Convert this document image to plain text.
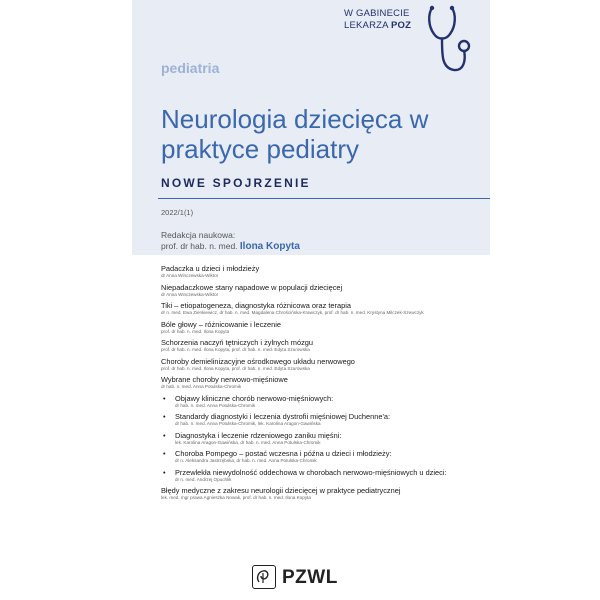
W GABINECIE
LEKARZA POZ
pediatria
Neurologia dziecięca w praktyce pediatry
NOWE SPOJRZENIE
2022/1(1)
Redakcja naukowa:
prof. dr hab. n. med. Ilona Kopyta
Padaczka u dzieci i młodzieży
dr Anna Winczewska-Wiktor
Niepadaczkowe stany napadowe w populacji dziecięcej
dr Anna Winczewska-Wiktor
Tiki – etiopatogeneza, diagnostyka różnicowa oraz terapia
dr n. med. Ewa Zienkiewicz, dr hab. n. med. Magdalena Chrościńska-Krawczyk, prof. dr hab. n. med. Krystyna Milczek-Szewczyk
Bóle głowy – różnicowanie i leczenie
prof. dr hab. n. med. Ilona Kopyta
Schorzenia naczyń tętniczych i żylnych mózgu
prof. dr hab. n. med. Ilona Kopyta, prof. dr hab. n. med. Edyta Szurowska
Choroby demielinizacyjne ośrodkowego układu nerwowego
prof. dr hab. n. med. Ilona Kopyta, prof. dr hab. n. med. Edyta Szurowska
Wybrane choroby nerwowo-mięśniowe
dr hab. n. med. Anna Potulska-Chromik
• Objawy kliniczne chorób nerwowo-mięśniowych:
dr hab. n. med. Anna Potulska-Chromik
• Standardy diagnostyki i leczenia dystrofii mięśniowej Duchenne'a:
dr hab. n. med. Anna Potulska-Chromik, lek. Karolina Aragon-Gawińska
• Diagnostyka i leczenie rdzeniowego zaniku mięśni:
lek. Karolina Aragon-Gawińska, dr hab. n. med. Anna Potulska-Chromik
• Choroba Pompego – postać wczesna i późna u dzieci i młodzieży:
dr n. Aleksandra Jastrzębska, dr hab. n. med. Anna Potulska-Chromik
• Przewlekła niewydolność oddechowa w chorobach nerwowo-mięśniowych u dzieci:
dr n. med. Andrzej Opuchlik
Błędy medyczne z zakresu neurologii dziecięcej w praktyce pediatrycznej
lek. med. mgr prawa Agnieszka Nowak, prof. dr hab. n. med. Ilona Kopyta
PZWL
